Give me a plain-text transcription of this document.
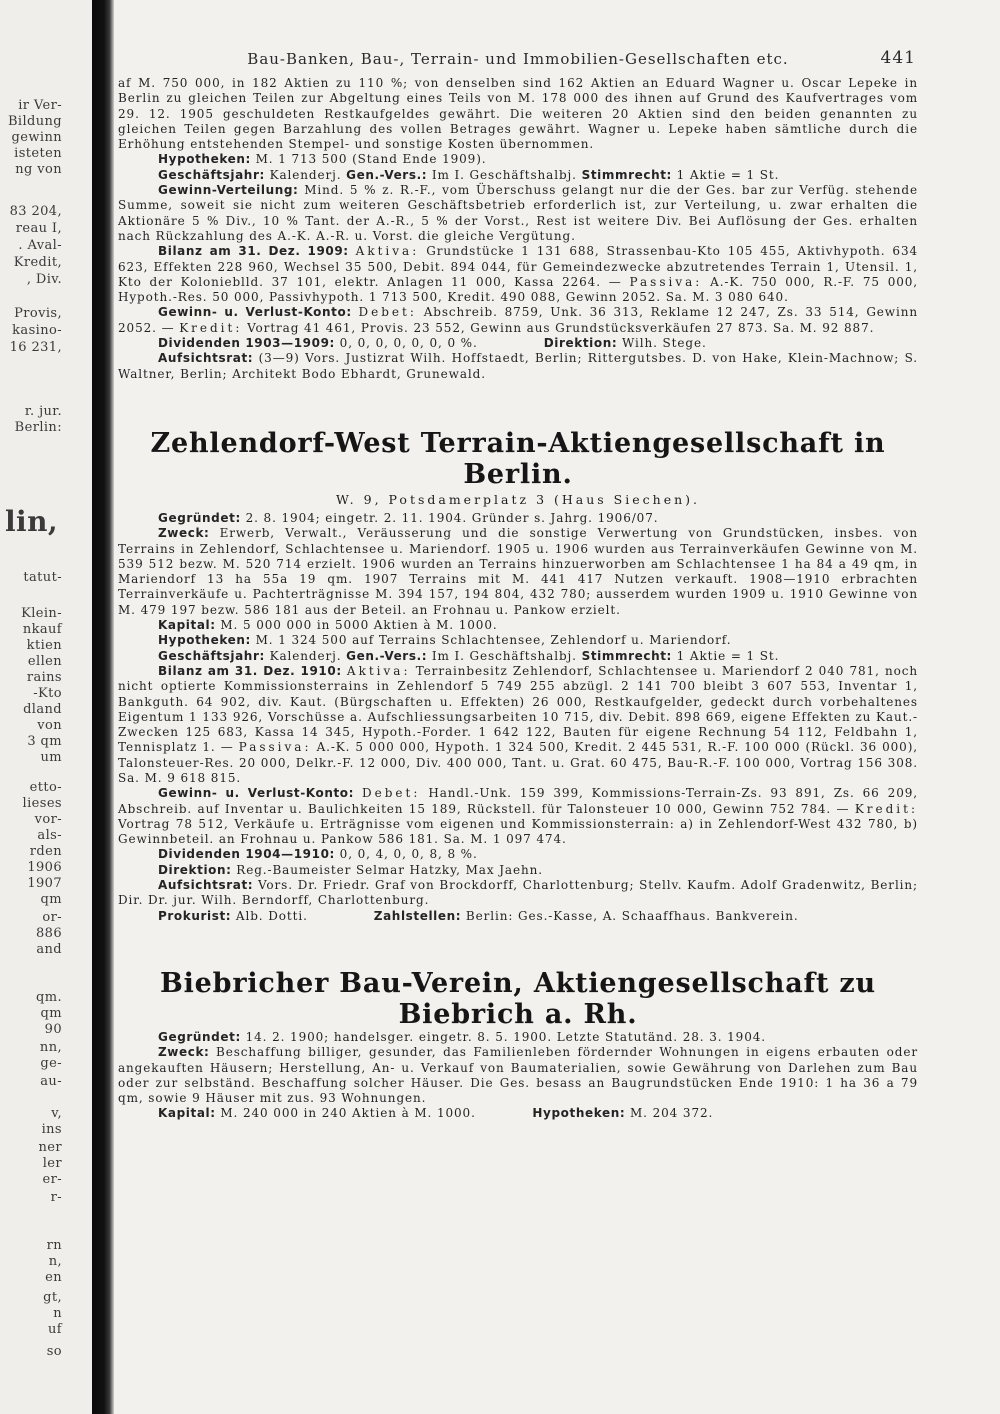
ir Ver-
Bildung
gewinn
isteten
ng von
83 204,
reau I,
. Aval-
Kredit,
, Div.
Provis,
kasino-
16 231,
r. jur.
Berlin:
lin,
tatut-
Klein-
nkauf
ktien
ellen
rains
-Kto
dland
von
3 qm
um
etto-
lieses
vor-
als-
rden
1906
1907
qm
or-
886
and
qm.
qm
90
nn,
ge-
au-
v,
ins
ner
ler
er-
r-
rn
n,
en
gt,
n
uf
so
Bau-Banken, Bau-, Terrain- und Immobilien-Gesellschaften etc.	441

af M. 750 000, in 182 Aktien zu 110 %; von denselben sind 162 Aktien an Eduard Wagner u. Oscar Lepeke in Berlin zu gleichen Teilen zur Abgeltung eines Teils von M. 178 000 des ihnen auf Grund des Kaufvertrages vom 29. 12. 1905 geschuldeten Restkaufgeldes gewährt. Die weiteren 20 Aktien sind den beiden genannten zu gleichen Teilen gegen Barzahlung des vollen Betrages gewährt. Wagner u. Lepeke haben sämtliche durch die Erhöhung entstehenden Stempel- und sonstige Kosten übernommen.

Hypotheken: M. 1 713 500 (Stand Ende 1909).

Geschäftsjahr: Kalenderj. Gen.-Vers.: Im I. Geschäftshalbj. Stimmrecht: 1 Aktie = 1 St.

Gewinn-Verteilung: Mind. 5 % z. R.-F., vom Überschuss gelangt nur die der Ges. bar zur Verfüg. stehende Summe, soweit sie nicht zum weiteren Geschäftsbetrieb erforderlich ist, zur Verteilung, u. zwar erhalten die Aktionäre 5 % Div., 10 % Tant. der A.-R., 5 % der Vorst., Rest ist weitere Div. Bei Auflösung der Ges. erhalten nach Rückzahlung des A.-K. A.-R. u. Vorst. die gleiche Vergütung.

Bilanz am 31. Dez. 1909: Aktiva: Grundstücke 1 131 688, Strassenbau-Kto 105 455, Aktivhypoth. 634 623, Effekten 228 960, Wechsel 35 500, Debit. 894 044, für Gemeindezwecke abzutretendes Terrain 1, Utensil. 1, Kto der Kolonieblld. 37 101, elektr. Anlagen 11 000, Kassa 2264. — Passiva: A.-K. 750 000, R.-F. 75 000, Hypoth.-Res. 50 000, Passivhypoth. 1 713 500, Kredit. 490 088, Gewinn 2052. Sa. M. 3 080 640.

Gewinn- u. Verlust-Konto: Debet: Abschreib. 8759, Unk. 36 313, Reklame 12 247, Zs. 33 514, Gewinn 2052. — Kredit: Vortrag 41 461, Provis. 23 552, Gewinn aus Grundstücksverkäufen 27 873. Sa. M. 92 887.

Dividenden 1903—1909: 0, 0, 0, 0, 0, 0, 0 %.	Direktion: Wilh. Stege.

Aufsichtsrat: (3—9) Vors. Justizrat Wilh. Hoffstaedt, Berlin; Rittergutsbes. D. von Hake, Klein-Machnow; S. Waltner, Berlin; Architekt Bodo Ebhardt, Grunewald.

Zehlendorf-West Terrain-Aktiengesellschaft in Berlin.
W. 9, Potsdamerplatz 3 (Haus Siechen).

Gegründet: 2. 8. 1904; eingetr. 2. 11. 1904. Gründer s. Jahrg. 1906/07.

Zweck: Erwerb, Verwalt., Veräusserung und die sonstige Verwertung von Grundstücken, insbes. von Terrains in Zehlendorf, Schlachtensee u. Mariendorf. 1905 u. 1906 wurden aus Terrainverkäufen Gewinne von M. 539 512 bezw. M. 520 714 erzielt. 1906 wurden an Terrains hinzuerworben am Schlachtensee 1 ha 84 a 49 qm, in Mariendorf 13 ha 55a 19 qm. 1907 Terrains mit M. 441 417 Nutzen verkauft. 1908—1910 erbrachten Terrainverkäufe u. Pachterträgnisse M. 394 157, 194 804, 432 780; ausserdem wurden 1909 u. 1910 Gewinne von M. 479 197 bezw. 586 181 aus der Beteil. an Frohnau u. Pankow erzielt.

Kapital: M. 5 000 000 in 5000 Aktien à M. 1000.

Hypotheken: M. 1 324 500 auf Terrains Schlachtensee, Zehlendorf u. Mariendorf.

Geschäftsjahr: Kalenderj. Gen.-Vers.: Im I. Geschäftshalbj. Stimmrecht: 1 Aktie = 1 St.

Bilanz am 31. Dez. 1910: Aktiva: Terrainbesitz Zehlendorf, Schlachtensee u. Mariendorf 2 040 781, noch nicht optierte Kommissionsterrains in Zehlendorf 5 749 255 abzügl. 2 141 700 bleibt 3 607 553, Inventar 1, Bankguth. 64 902, div. Kaut. (Bürgschaften u. Effekten) 26 000, Restkaufgelder, gedeckt durch vorbehaltenes Eigentum 1 133 926, Vorschüsse a. Aufschliessungsarbeiten 10 715, div. Debit. 898 669, eigene Effekten zu Kaut.-Zwecken 125 683, Kassa 14 345, Hypoth.-Forder. 1 642 122, Bauten für eigene Rechnung 54 112, Feldbahn 1, Tennisplatz 1. — Passiva: A.-K. 5 000 000, Hypoth. 1 324 500, Kredit. 2 445 531, R.-F. 100 000 (Rückl. 36 000), Talonsteuer-Res. 20 000, Delkr.-F. 12 000, Div. 400 000, Tant. u. Grat. 60 475, Bau-R.-F. 100 000, Vortrag 156 308. Sa. M. 9 618 815.

Gewinn- u. Verlust-Konto: Debet: Handl.-Unk. 159 399, Kommissions-Terrain-Zs. 93 891, Zs. 66 209, Abschreib. auf Inventar u. Baulichkeiten 15 189, Rückstell. für Talonsteuer 10 000, Gewinn 752 784. — Kredit: Vortrag 78 512, Verkäufe u. Erträgnisse vom eigenen und Kommissionsterrain: a) in Zehlendorf-West 432 780, b) Gewinnbeteil. an Frohnau u. Pankow 586 181. Sa. M. 1 097 474.

Dividenden 1904—1910: 0, 0, 4, 0, 0, 8, 8 %.

Direktion: Reg.-Baumeister Selmar Hatzky, Max Jaehn.

Aufsichtsrat: Vors. Dr. Friedr. Graf von Brockdorff, Charlottenburg; Stellv. Kaufm. Adolf Gradenwitz, Berlin; Dir. Dr. jur. Wilh. Berndorff, Charlottenburg.

Prokurist: Alb. Dotti.	Zahlstellen: Berlin: Ges.-Kasse, A. Schaaffhaus. Bankverein.

Biebricher Bau-Verein, Aktiengesellschaft zu Biebrich a. Rh.

Gegründet: 14. 2. 1900; handelsger. eingetr. 8. 5. 1900. Letzte Statutänd. 28. 3. 1904.

Zweck: Beschaffung billiger, gesunder, das Familienleben fördernder Wohnungen in eigens erbauten oder angekauften Häusern; Herstellung, An- u. Verkauf von Baumaterialien, sowie Gewährung von Darlehen zum Bau oder zur selbständ. Beschaffung solcher Häuser. Die Ges. besass an Baugrundstücken Ende 1910: 1 ha 36 a 79 qm, sowie 9 Häuser mit zus. 93 Wohnungen.

Kapital: M. 240 000 in 240 Aktien à M. 1000.	Hypotheken: M. 204 372.
